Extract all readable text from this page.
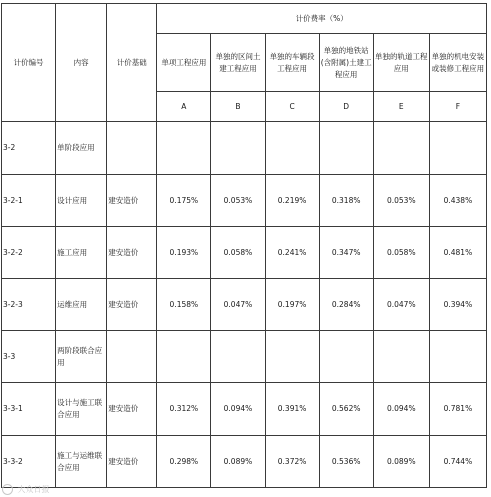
计价编号	内容	计价基础	计价费率（%）					
			单项工程应用	单独的区间土建工程应用	单独的车辆段工程应用	单独的地铁站(含附属)土建工程应用	单独的轨道工程应用	单独的机电安装或装修工程应用
			A	B	C	D	E	F
3-2	单阶段应用							
3-2-1	设计应用	建安造价	0.175%	0.053%	0.219%	0.318%	0.053%	0.438%
3-2-2	施工应用	建安造价	0.193%	0.058%	0.241%	0.347%	0.058%	0.481%
3-2-3	运维应用	建安造价	0.158%	0.047%	0.197%	0.284%	0.047%	0.394%
3-3	两阶段联合应用							
3-3-1	设计与施工联合应用	建安造价	0.312%	0.094%	0.391%	0.562%	0.094%	0.781%
3-3-2	施工与运维联合应用	建安造价	0.298%	0.089%	0.372%	0.536%	0.089%	0.744%
大众日报
